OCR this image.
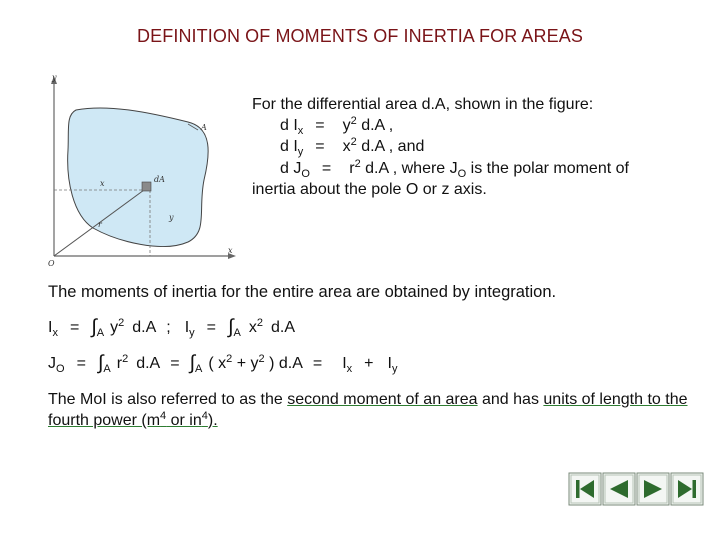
DEFINITION OF MOMENTS OF INERTIA FOR AREAS
y
x
O
A
dA
r
x
y
For the differential area d.A, shown in the figure:
d $I_x = y^2$ d.A ,
d $I_y = x^2$ d.A , and
d $J_O = r^2$ d.A , where $J_O$ is the polar moment of
inertia about the pole O or z axis.
The moments of inertia for the entire area are obtained by integration.
$I_x = \int_A$ $y^2$ d.A ; $I_y = \int_A$ $x^2$ d.A
$J_O = \int_A$ $r^2$ $d.A = \int_A$ ( $x^2 + y^2$ ) $d.A = I_x + I_y$
The MoI is also referred to as the second moment of an area and has units of length to the fourth power ($m^4$ or $in^4$).
